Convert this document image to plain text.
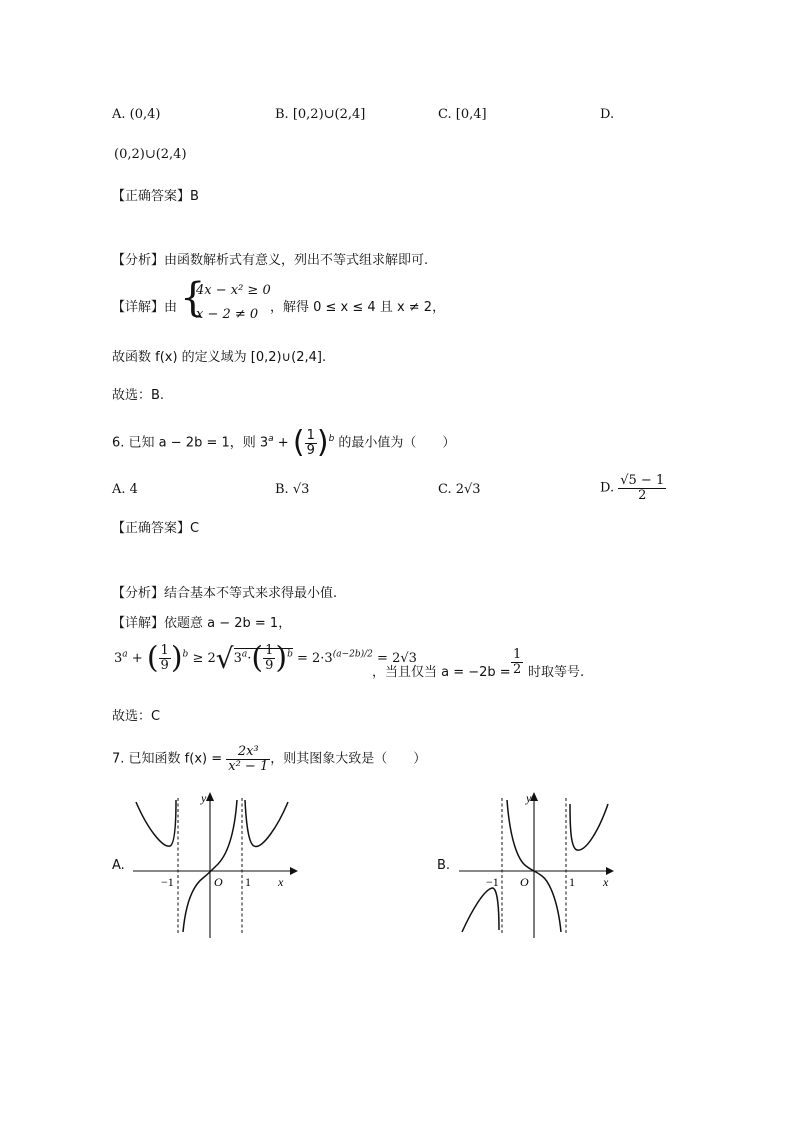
A. (0,4)	B. [0,2)∪(2,4]	C. [0,4]	D.
(0,2)∪(2,4)
【正确答案】B
【分析】由函数解析式有意义，列出不等式组求解即可.
【详解】由 {
4x − x² ≥ 0
x − 2 ≠ 0 ，解得 0 ≤ x ≤ 4 且 x ≠ 2，
故函数 f(x) 的定义域为 [0,2)∪(2,4].
故选：B.
6. 已知 a − 2b = 1，则 $3^a$ + ( $\frac{1}{9} )^b$ 的最小值为（　　）
A. 4	B. √3	C. 2√3	D. $\frac{√5 - 1}{2}$
【正确答案】C
【分析】结合基本不等式来求得最小值.
【详解】依题意 a − 2b = 1，
$3^a$ + ( $\frac{1}{9} )^b \ge 2√3^a\cdot( \frac{1}{9} )^b = 2\cdot 3^{(a-2b)/2} = 2√3$
，当且仅当 $a = -2b = \frac{1}{2}$ 时取等号.
故选：C
7. 已知函数 $f(x) = \frac{\text{2x³}}{\text{x² − 1}}$ ，则其图象大致是（　　）
A.
y
x
O
−1	1
B.
y
x
O
−1	1
